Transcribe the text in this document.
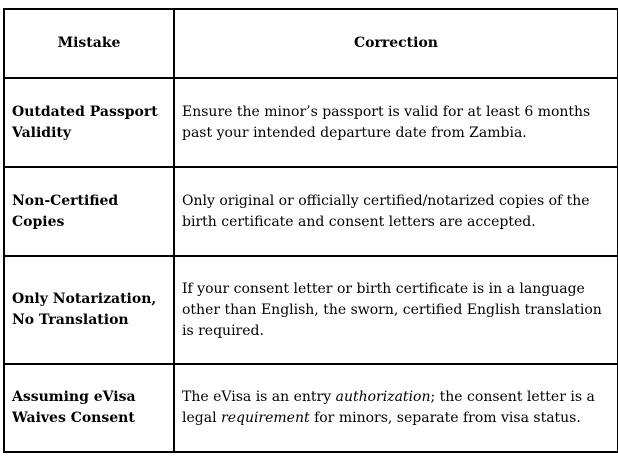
Mistake	Correction
Outdated Passport Validity	Ensure the minor’s passport is valid for at least 6 months past your intended departure date from Zambia.
Non-Certified Copies	Only original or officially certified/notarized copies of the birth certificate and consent letters are accepted.
Only Notarization, No Translation	If your consent letter or birth certificate is in a language other than English, the sworn, certified English translation is required.
Assuming eVisa Waives Consent	The eVisa is an entry authorization; the consent letter is a legal requirement for minors, separate from visa status.
